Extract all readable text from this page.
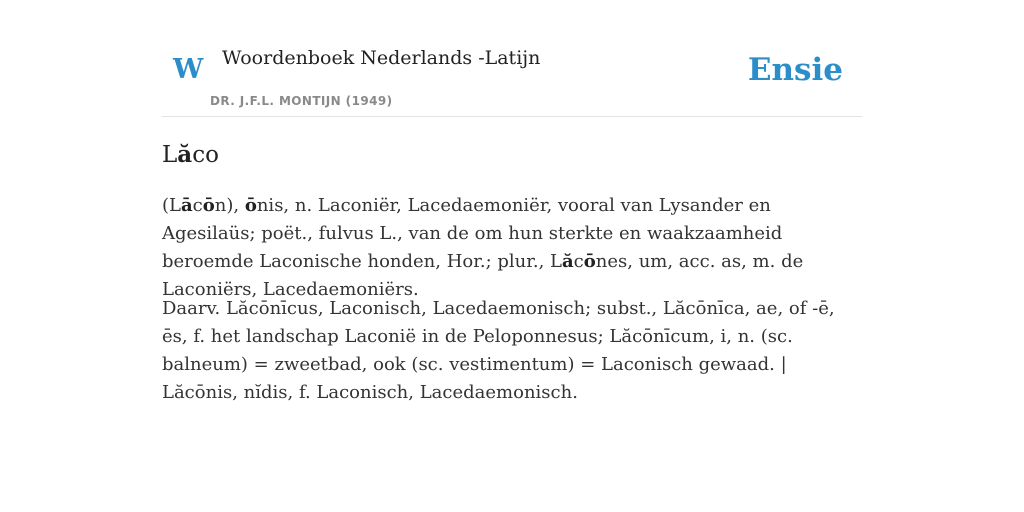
W Woordenboek Nederlands -Latijn
DR. J.F.L. MONTIJN (1949)
Ensie
Lăco

(Lācōn), ōnis, n. Laconiër, Lacedaemoniër, vooral van Lysander en Agesilaüs; poët., fulvus L., van de om hun sterkte en waakzaamheid beroemde Laconische honden, Hor.; plur., Lăcōnes, um, acc. as, m. de Laconiërs, Lacedaemoniërs.

Daarv. Lăcōnīcus, Laconisch, Lacedaemonisch; subst., Lăcōnīca, ae, of -ē, ēs, f. het landschap Laconië in de Peloponnesus; Lăcōnīcum, i, n. (sc. balneum) = zweetbad, ook (sc. vestimentum) = Laconisch gewaad. | Lăcōnis, nĭdis, f. Laconisch, Lacedaemonisch.
